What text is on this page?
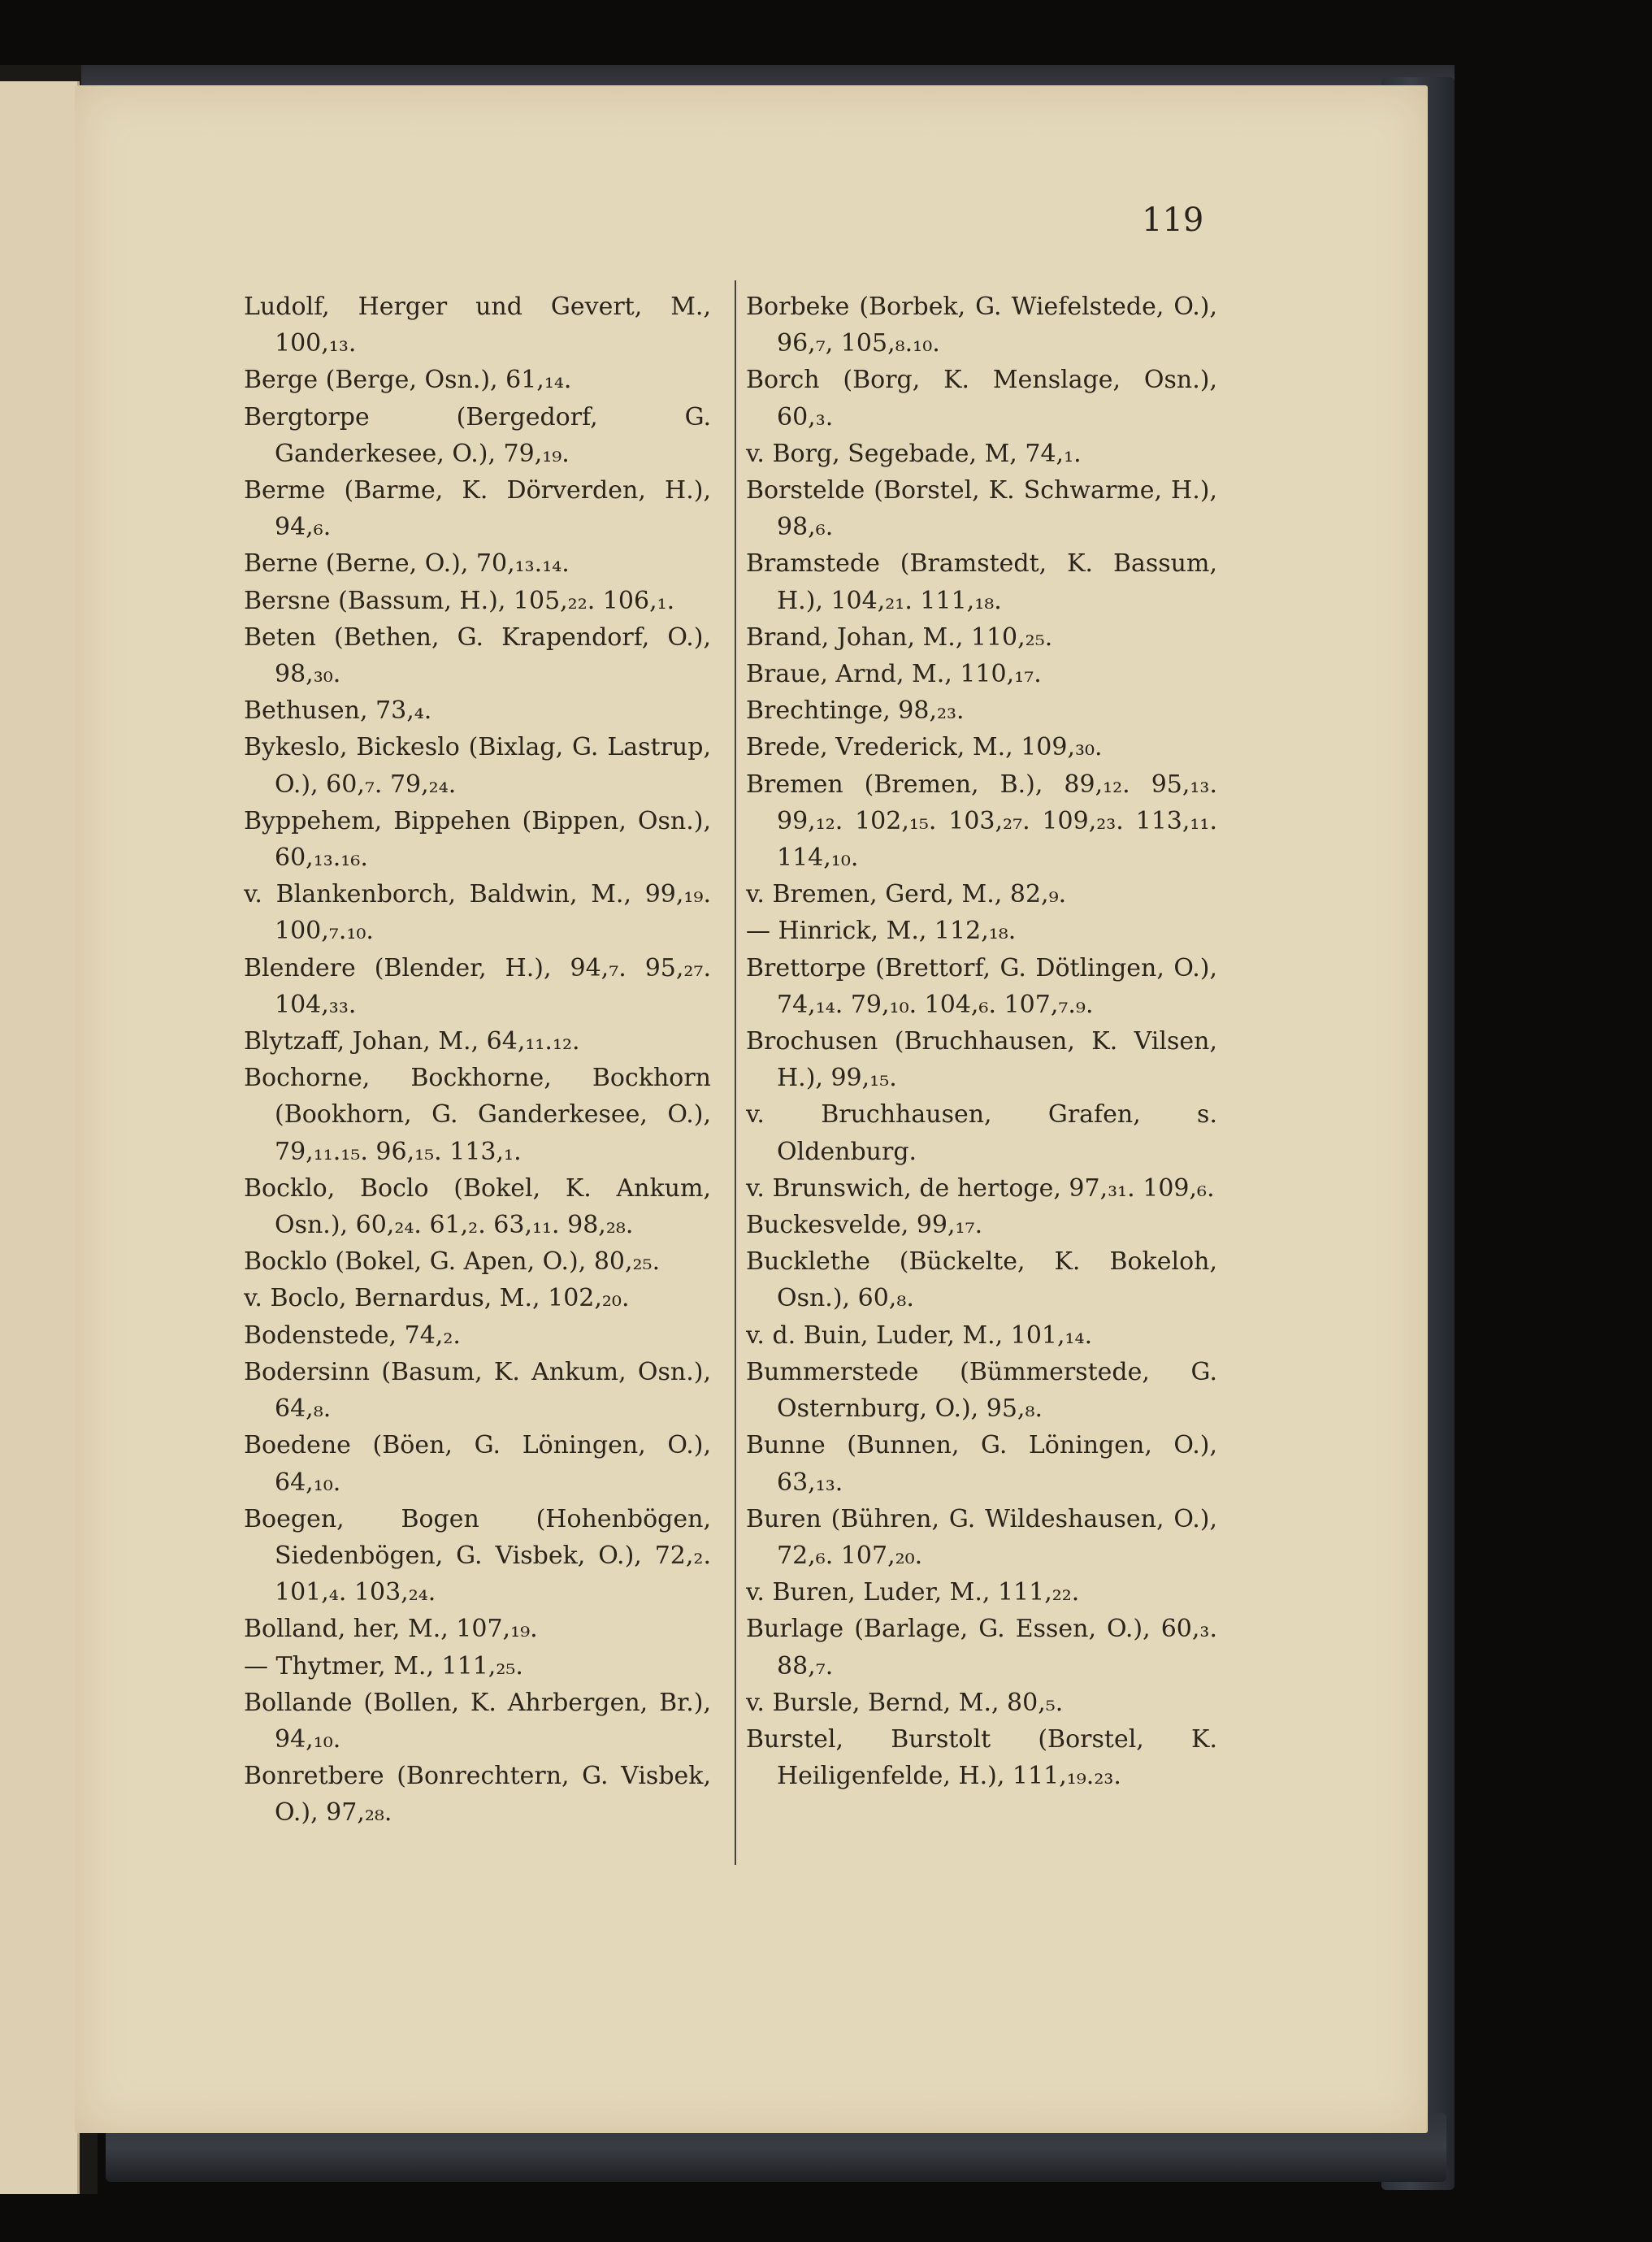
119

Ludolf, Herger und Gevert, M., 100,₁₃.

Berge (Berge, Osn.), 61,₁₄.

Bergtorpe (Bergedorf, G. Ganderkesee, O.), 79,₁₉.

Berme (Barme, K. Dörverden, H.), 94,₆.

Berne (Berne, O.), 70,₁₃.₁₄.

Bersne (Bassum, H.), 105,₂₂. 106,₁.

Beten (Bethen, G. Krapendorf, O.), 98,₃₀.

Bethusen, 73,₄.

Bykeslo, Bickeslo (Bixlag, G. Lastrup, O.), 60,₇. 79,₂₄.

Byppehem, Bippehen (Bippen, Osn.), 60,₁₃.₁₆.

v. Blankenborch, Baldwin, M., 99,₁₉. 100,₇.₁₀.

Blendere (Blender, H.), 94,₇. 95,₂₇. 104,₃₃.

Blytzaff, Johan, M., 64,₁₁.₁₂.

Bochorne, Bockhorne, Bockhorn (Bookhorn, G. Ganderkesee, O.), 79,₁₁.₁₅. 96,₁₅. 113,₁.

Bocklo, Boclo (Bokel, K. Ankum, Osn.), 60,₂₄. 61,₂. 63,₁₁. 98,₂₈.

Bocklo (Bokel, G. Apen, O.), 80,₂₅.

v. Boclo, Bernardus, M., 102,₂₀.

Bodenstede, 74,₂.

Bodersinn (Basum, K. Ankum, Osn.), 64,₈.

Boedene (Böen, G. Löningen, O.), 64,₁₀.

Boegen, Bogen (Hohenbögen, Siedenbögen, G. Visbek, O.), 72,₂. 101,₄. 103,₂₄.

Bolland, her, M., 107,₁₉.

— Thytmer, M., 111,₂₅.

Bollande (Bollen, K. Ahrbergen, Br.), 94,₁₀.

Bonretbere (Bonrechtern, G. Visbek, O.), 97,₂₈.

Borbeke (Borbek, G. Wiefelstede, O.), 96,₇, 105,₈.₁₀.

Borch (Borg, K. Menslage, Osn.), 60,₃.

v. Borg, Segebade, M, 74,₁.

Borstelde (Borstel, K. Schwarme, H.), 98,₆.

Bramstede (Bramstedt, K. Bassum, H.), 104,₂₁. 111,₁₈.

Brand, Johan, M., 110,₂₅.

Braue, Arnd, M., 110,₁₇.

Brechtinge, 98,₂₃.

Brede, Vrederick, M., 109,₃₀.

Bremen (Bremen, B.), 89,₁₂. 95,₁₃. 99,₁₂. 102,₁₅. 103,₂₇. 109,₂₃. 113,₁₁. 114,₁₀.

v. Bremen, Gerd, M., 82,₉.

— Hinrick, M., 112,₁₈.

Brettorpe (Brettorf, G. Dötlingen, O.), 74,₁₄. 79,₁₀. 104,₆. 107,₇.₉.

Brochusen (Bruchhausen, K. Vilsen, H.), 99,₁₅.

v. Bruchhausen, Grafen, s. Oldenburg.

v. Brunswich, de hertoge, 97,₃₁. 109,₆.

Buckesvelde, 99,₁₇.

Bucklethe (Bückelte, K. Bokeloh, Osn.), 60,₈.

v. d. Buin, Luder, M., 101,₁₄.

Bummerstede (Bümmerstede, G. Osternburg, O.), 95,₈.

Bunne (Bunnen, G. Löningen, O.), 63,₁₃.

Buren (Bühren, G. Wildeshausen, O.), 72,₆. 107,₂₀.

v. Buren, Luder, M., 111,₂₂.

Burlage (Barlage, G. Essen, O.), 60,₃. 88,₇.

v. Bursle, Bernd, M., 80,₅.

Burstel, Burstolt (Borstel, K. Heiligenfelde, H.), 111,₁₉.₂₃.
